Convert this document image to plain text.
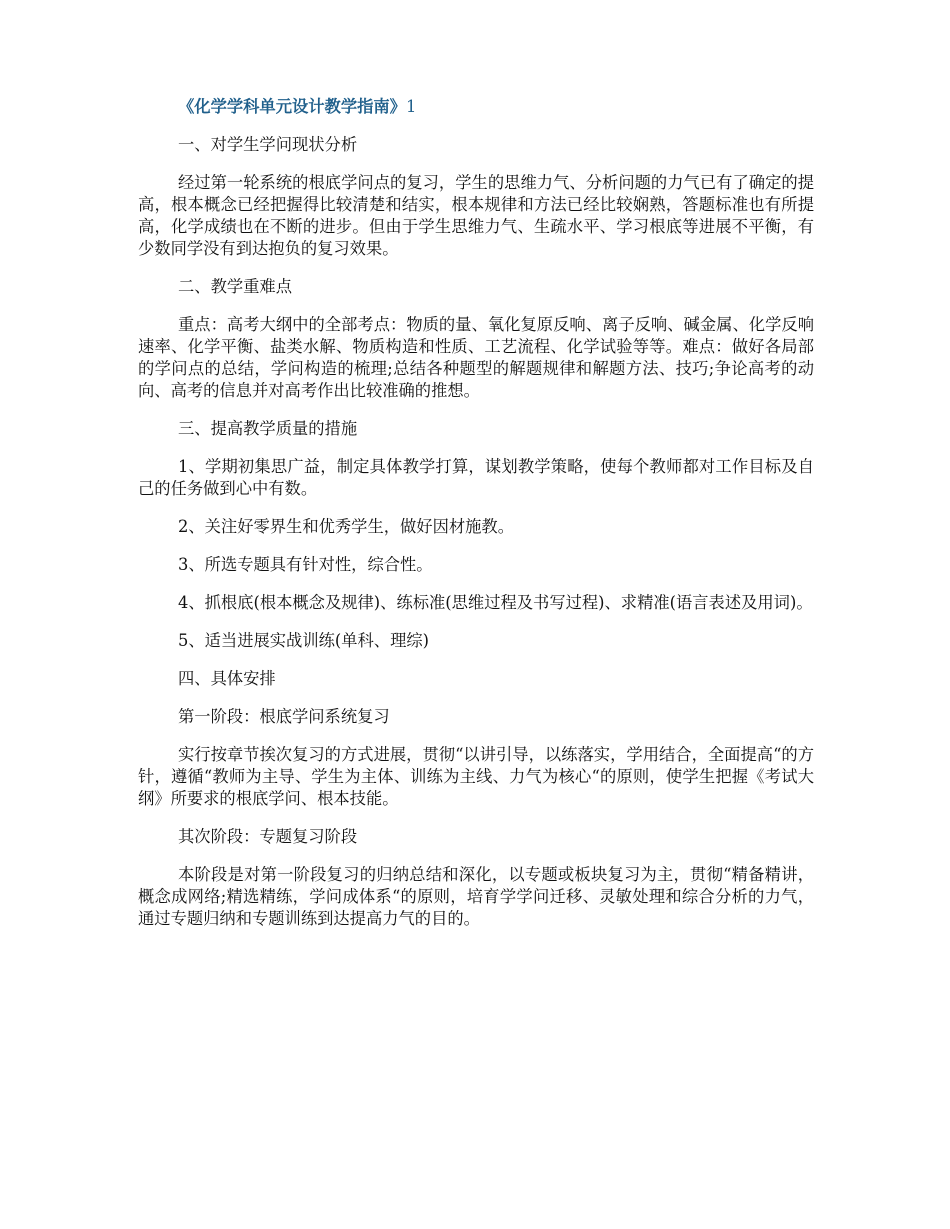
《化学学科单元设计教学指南》1
一、对学生学问现状分析
经过第一轮系统的根底学问点的复习，学生的思维力气、分析问题的力气已有了确定的提高，根本概念已经把握得比较清楚和结实，根本规律和方法已经比较娴熟，答题标准也有所提高，化学成绩也在不断的进步。但由于学生思维力气、生疏水平、学习根底等进展不平衡，有少数同学没有到达抱负的复习效果。
二、教学重难点
重点：高考大纲中的全部考点：物质的量、氧化复原反响、离子反响、碱金属、化学反响速率、化学平衡、盐类水解、物质构造和性质、工艺流程、化学试验等等。难点：做好各局部的学问点的总结，学问构造的梳理;总结各种题型的解题规律和解题方法、技巧;争论高考的动向、高考的信息并对高考作出比较准确的推想。
三、提高教学质量的措施
1、学期初集思广益，制定具体教学打算，谋划教学策略，使每个教师都对工作目标及自己的任务做到心中有数。
2、关注好零界生和优秀学生，做好因材施教。
3、所选专题具有针对性，综合性。
4、抓根底(根本概念及规律)、练标准(思维过程及书写过程)、求精准(语言表述及用词)。
5、适当进展实战训练(单科、理综)
四、具体安排
第一阶段：根底学问系统复习
实行按章节挨次复习的方式进展，贯彻“以讲引导，以练落实，学用结合，全面提高“的方针，遵循“教师为主导、学生为主体、训练为主线、力气为核心“的原则，使学生把握《考试大纲》所要求的根底学问、根本技能。
其次阶段：专题复习阶段
本阶段是对第一阶段复习的归纳总结和深化，以专题或板块复习为主，贯彻“精备精讲，概念成网络;精选精练，学问成体系“的原则，培育学学问迁移、灵敏处理和综合分析的力气，通过专题归纳和专题训练到达提高力气的目的。
